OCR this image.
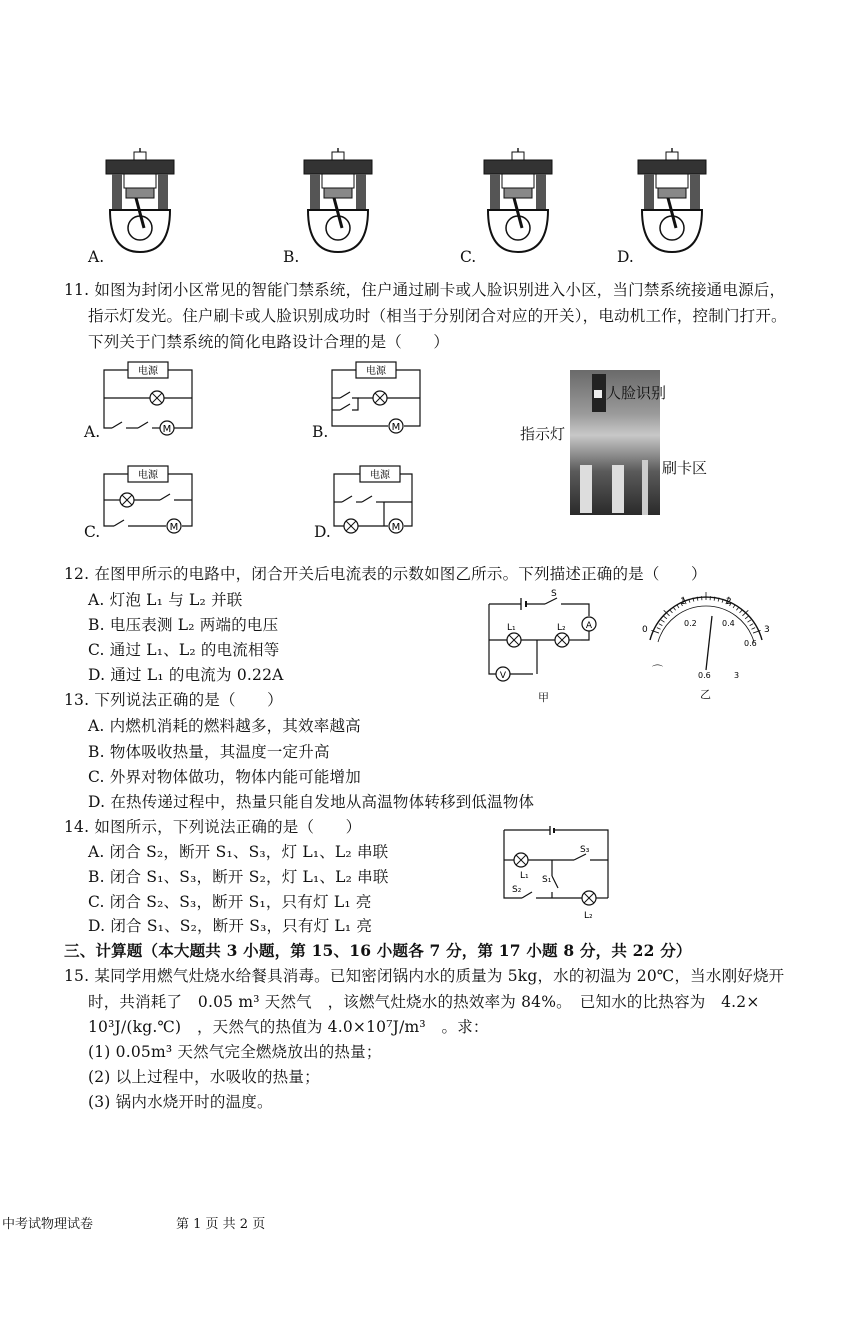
A.	B.	C.	D.
11. 如图为封闭小区常见的智能门禁系统，住户通过刷卡或人脸识别进入小区，当门禁系统接通电源后，
指示灯发光。住户刷卡或人脸识别成功时（相当于分别闭合对应的开关），电动机工作，控制门打开。
下列关于门禁系统的简化电路设计合理的是（　　）
电源
M
A.
电源
M
B.
电源
M
C.
电源
M
D.
人脸识别
指示灯
刷卡区
12. 在图甲所示的电路中，闭合开关后电流表的示数如图乙所示。下列描述正确的是（　　）
A. 灯泡 L₁ 与 L₂ 并联
B. 电压表测 L₂ 两端的电压
C. 通过 L₁、L₂ 的电流相等
D. 通过 L₁ 的电流为 0.22A
S
L₁	L₂ A
V
甲
0
1	2
3
0.2	0.4
0.6
⌒	0.6	3
乙
13. 下列说法正确的是（　　）
A. 内燃机消耗的燃料越多，其效率越高
B. 物体吸收热量，其温度一定升高
C. 外界对物体做功，物体内能可能增加
D. 在热传递过程中，热量只能自发地从高温物体转移到低温物体
14. 如图所示，下列说法正确的是（　　）
A. 闭合 S₂，断开 S₁、S₃，灯 L₁、L₂ 串联
B. 闭合 S₁、S₃，断开 S₂，灯 L₁、L₂ 串联
C. 闭合 S₂、S₃，断开 S₁，只有灯 L₁ 亮
D. 闭合 S₁、S₂，断开 S₃，只有灯 L₁ 亮
L₁
S₃
S₁
S₂
L₂
三、计算题（本大题共 3 小题，第 15、16 小题各 7 分，第 17 小题 8 分，共 22 分）
15. 某同学用燃气灶烧水给餐具消毒。已知密闭锅内水的质量为 5kg，水的初温为 20℃，当水刚好烧开
时，共消耗了　0.05 m³ 天然气　，该燃气灶烧水的热效率为 84%。　已知水的比热容为　4.2×
10³J/(kg.℃)　，天然气的热值为 4.0×10⁷J/m³　。求：
(1) 0.05m³ 天然气完全燃烧放出的热量；
(2) 以上过程中，水吸收的热量；
(3) 锅内水烧开时的温度。
中考试物理试卷	第 1 页 共 2 页
